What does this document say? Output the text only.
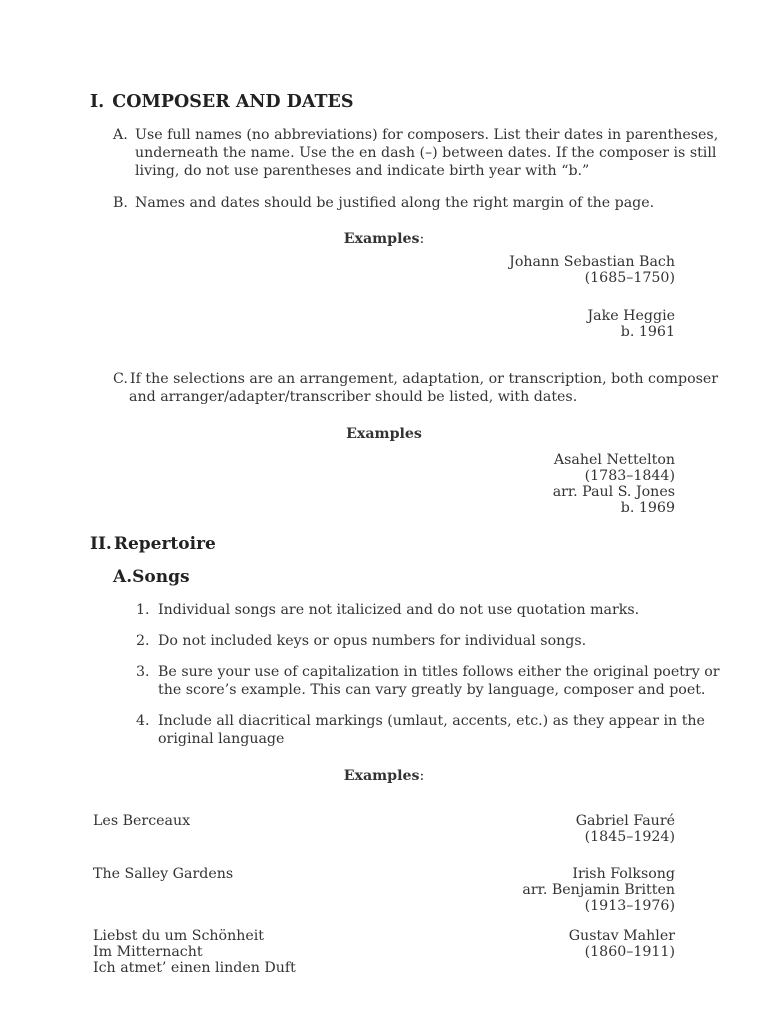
I. COMPOSER AND DATES
A. Use full names (no abbreviations) for composers. List their dates in parentheses,
underneath the name. Use the en dash (–) between dates. If the composer is still
living, do not use parentheses and indicate birth year with “b.”
B. Names and dates should be justified along the right margin of the page.
Examples:
Johann Sebastian Bach
(1685–1750)
Jake Heggie
b. 1961
C. If the selections are an arrangement, adaptation, or transcription, both composer
and arranger/adapter/transcriber should be listed, with dates.
Examples
Asahel Nettelton
(1783–1844)
arr. Paul S. Jones
b. 1969
II. Repertoire
A.Songs
1. Individual songs are not italicized and do not use quotation marks.
2. Do not included keys or opus numbers for individual songs.
3. Be sure your use of capitalization in titles follows either the original poetry or
the score’s example. This can vary greatly by language, composer and poet.
4. Include all diacritical markings (umlaut, accents, etc.) as they appear in the
original language
Examples:
Les Berceaux	Gabriel Fauré
(1845–1924)
The Salley Gardens	Irish Folksong
arr. Benjamin Britten
(1913–1976)
Liebst du um Schönheit
Im Mitternacht
Ich atmet’ einen linden Duft
Gustav Mahler
(1860–1911)
